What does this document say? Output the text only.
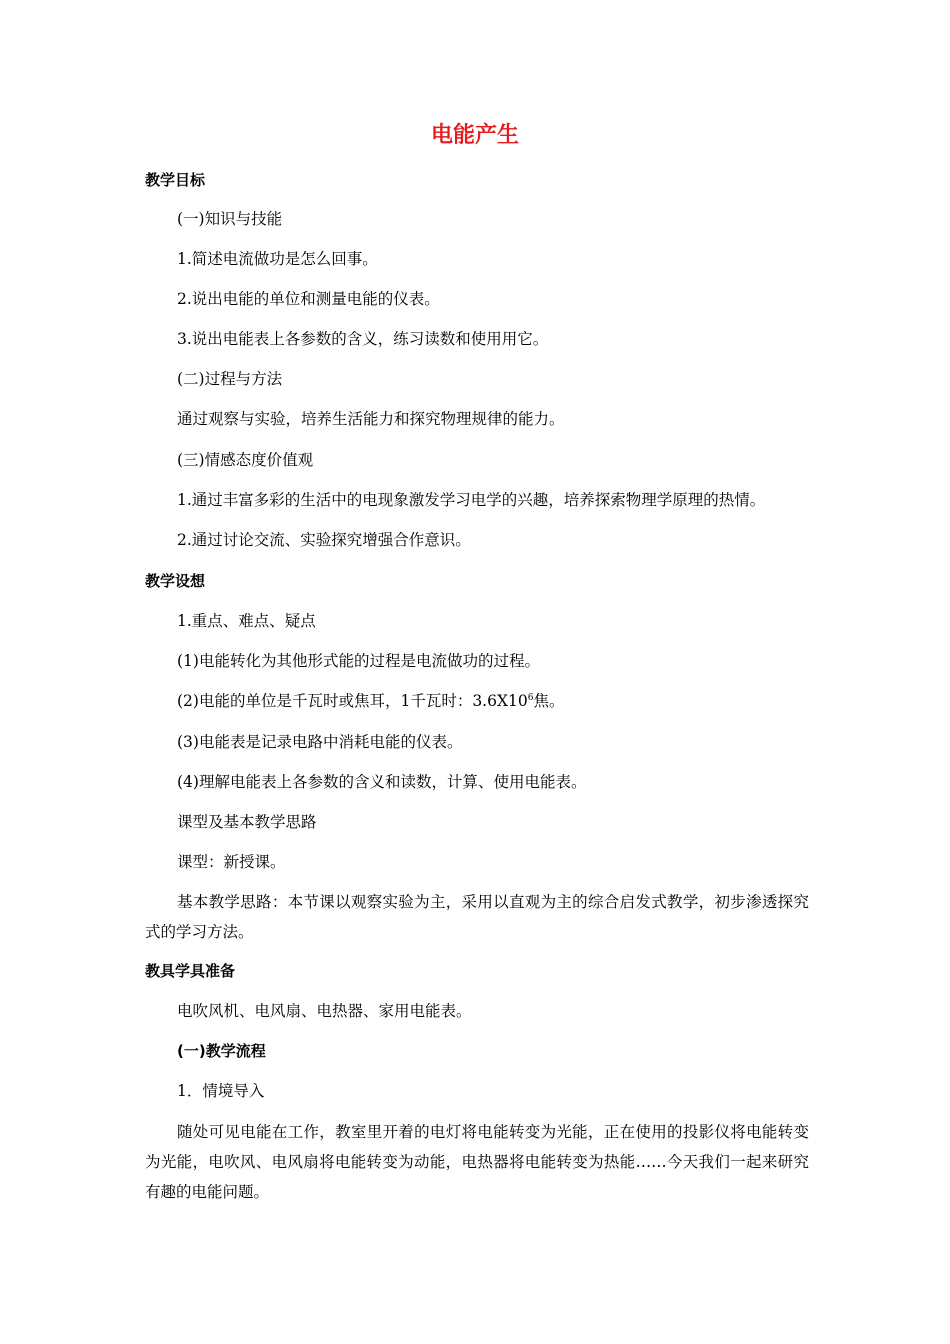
电能产生
教学目标
(一)知识与技能
1.简述电流做功是怎么回事。
2.说出电能的单位和测量电能的仪表。
3.说出电能表上各参数的含义，练习读数和使用用它。
(二)过程与方法
通过观察与实验，培养生活能力和探究物理规律的能力。
(三)情感态度价值观
1.通过丰富多彩的生活中的电现象激发学习电学的兴趣，培养探索物理学原理的热情。
2.通过讨论交流、实验探究增强合作意识。
教学设想
1.重点、难点、疑点
(1)电能转化为其他形式能的过程是电流做功的过程。
(2)电能的单位是千瓦时或焦耳，1千瓦时：$3.6X10^6$焦。
(3)电能表是记录电路中消耗电能的仪表。
(4)理解电能表上各参数的含义和读数，计算、使用电能表。
课型及基本教学思路
课型：新授课。
基本教学思路：本节课以观察实验为主，采用以直观为主的综合启发式教学，初步渗透探究式的学习方法。
教具学具准备
电吹风机、电风扇、电热器、家用电能表。
(一)教学流程
1．情境导入
随处可见电能在工作，教室里开着的电灯将电能转变为光能，正在使用的投影仪将电能转变为光能，电吹风、电风扇将电能转变为动能，电热器将电能转变为热能……今天我们一起来研究有趣的电能问题。
